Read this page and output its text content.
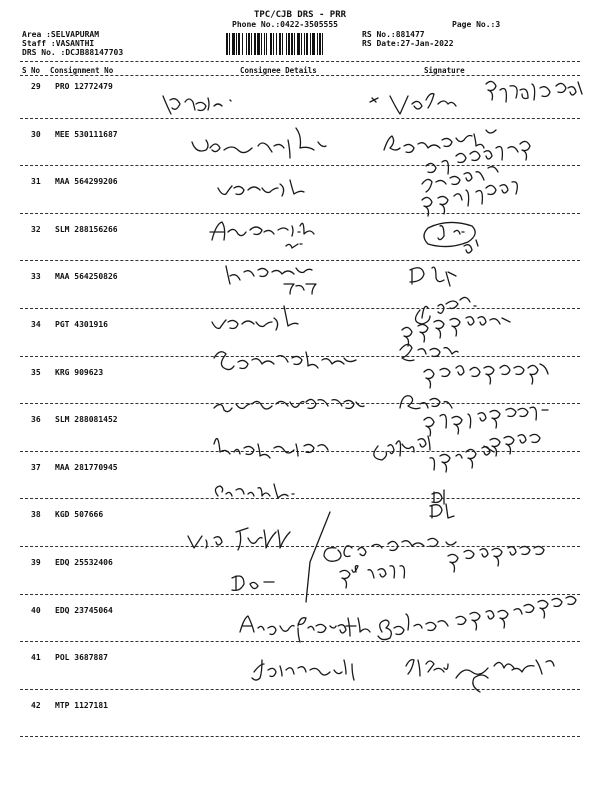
TPC/CJB DRS - PRR
Phone No.:0422-3505555	Page No.:3
Area :SELVAPURAM
Staff :VASANTHI
DRS No. :DCJB88147703
RS No.:881477
RS Date:27-Jan-2022
S No Consignment No	Consignee Details	Signature
29 PRO 12772479
30 MEE 530111687
31 MAA 564299206
32 SLM 288156266
33 MAA 564250826
34 PGT 4301916
35 KRG 909623
36 SLM 288081452
37 MAA 281770945
38 KGD 507666
39 EDQ 25532406
40 EDQ 23745064
41 POL 3687887
42 MTP 1127181
